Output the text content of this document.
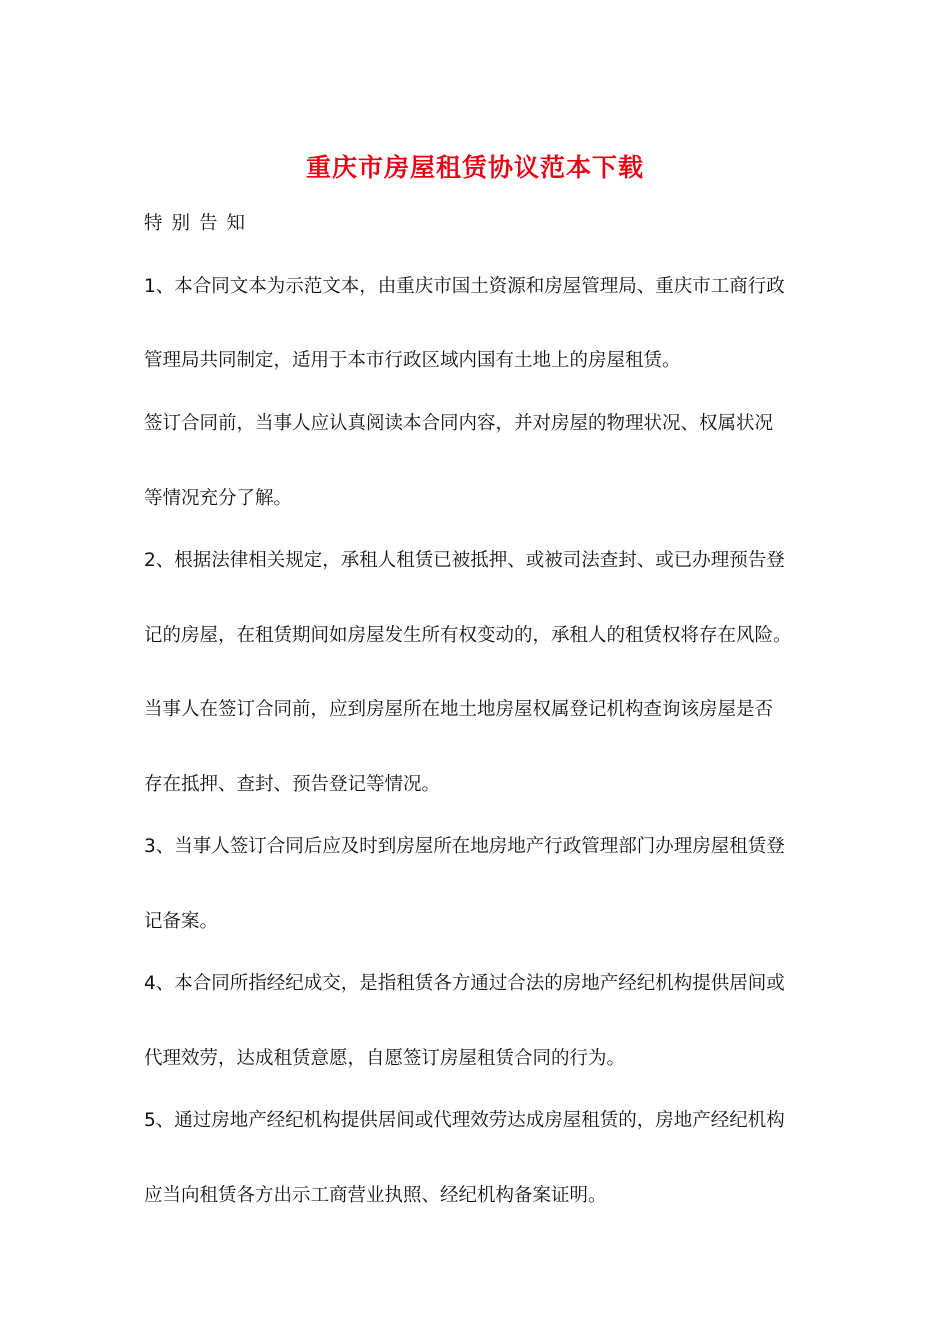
重庆市房屋租赁协议范本下载
特别告知
1、本合同文本为示范文本，由重庆市国土资源和房屋管理局、重庆市工商行政
管理局共同制定，适用于本市行政区域内国有土地上的房屋租赁。
签订合同前，当事人应认真阅读本合同内容，并对房屋的物理状况、权属状况
等情况充分了解。
2、根据法律相关规定，承租人租赁已被抵押、或被司法查封、或已办理预告登
记的房屋，在租赁期间如房屋发生所有权变动的，承租人的租赁权将存在风险。
当事人在签订合同前，应到房屋所在地土地房屋权属登记机构查询该房屋是否
存在抵押、查封、预告登记等情况。
3、当事人签订合同后应及时到房屋所在地房地产行政管理部门办理房屋租赁登
记备案。
4、本合同所指经纪成交，是指租赁各方通过合法的房地产经纪机构提供居间或
代理效劳，达成租赁意愿，自愿签订房屋租赁合同的行为。
5、通过房地产经纪机构提供居间或代理效劳达成房屋租赁的，房地产经纪机构
应当向租赁各方出示工商营业执照、经纪机构备案证明。
